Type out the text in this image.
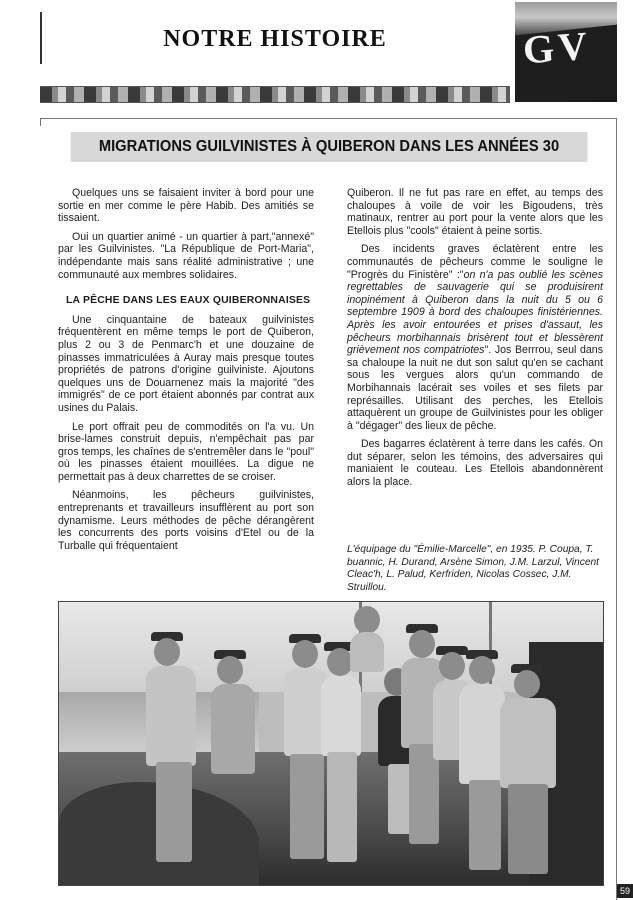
NOTRE HISTOIRE	GV
MIGRATIONS GUILVINISTES À QUIBERON DANS LES ANNÉES 30

Quelques uns se faisaient inviter à bord pour une sortie en mer comme le père Habib. Des amitiés se tissaient.

Oui un quartier animé - un quartier à part,"annexé" par les Guilvinistes. "La République de Port-Maria", indépendante mais sans réalité administrative ; une communauté aux membres solidaires.

LA PÊCHE DANS LES EAUX QUIBERONNAISES

Une cinquantaine de bateaux guilvinistes fréquentèrent en même temps le port de Quiberon, plus 2 ou 3 de Penmarc'h et une douzaine de pinasses immatriculées à Auray mais presque toutes propriétés de patrons d'origine guilviniste. Ajoutons quelques uns de Douarnenez mais la majorité "des immigrés" de ce port étaient abonnés par contrat aux usines du Palais.

Le port offrait peu de commodités on l'a vu. Un brise-lames construit depuis, n'empêchait pas par gros temps, les chaînes de s'entremêler dans le "poul" où les pinasses étaient mouillées. La digue ne permettait pas à deux charrettes de se croiser.

Néanmoins, les pêcheurs guilvinistes, entreprenants et travailleurs insufflèrent au port son dynamisme. Leurs méthodes de pêche dérangèrent les concurrents des ports voisins d'Etel ou de la Turballe qui fréquentaient

Quiberon. Il ne fut pas rare en effet, au temps des chaloupes à voile de voir les Bigoudens, très matinaux, rentrer au port pour la vente alors que les Etellois plus "cools" étaient à peine sortis.

Des incidents graves éclatèrent entre les communautés de pêcheurs comme le souligne le "Progrès du Finistère" :"on n'a pas oublié les scènes regrettables de sauvagerie qui se produisirent inopinément à Quiberon dans la nuit du 5 ou 6 septembre 1909 à bord des chaloupes finistériennes. Après les avoir entourées et prises d'assaut, les pêcheurs morbihannais brisèrent tout et blessèrent grièvement nos compatriotes". Jos Berrrou, seul dans sa chaloupe la nuit ne dut son salut qu'en se cachant sous les vergues alors qu'un commando de Morbihannais lacérait ses voiles et ses filets par représailles. Utilisant des perches, les Etellois attaquèrent un groupe de Guilvinistes pour les obliger à "dégager" des lieux de pêche.

Des bagarres éclatèrent à terre dans les cafés. On dut séparer, selon les témoins, des adversaires qui maniaient le couteau. Les Etellois abandonnèrent alors la place.

L'équipage du "Émilie-Marcelle", en 1935. P. Coupa, T. buannic, H. Durand, Arsène Simon, J.M. Larzul, Vincent Cleac'h, L. Palud, Kerfriden, Nicolas Cossec, J.M. Struillou.
59
